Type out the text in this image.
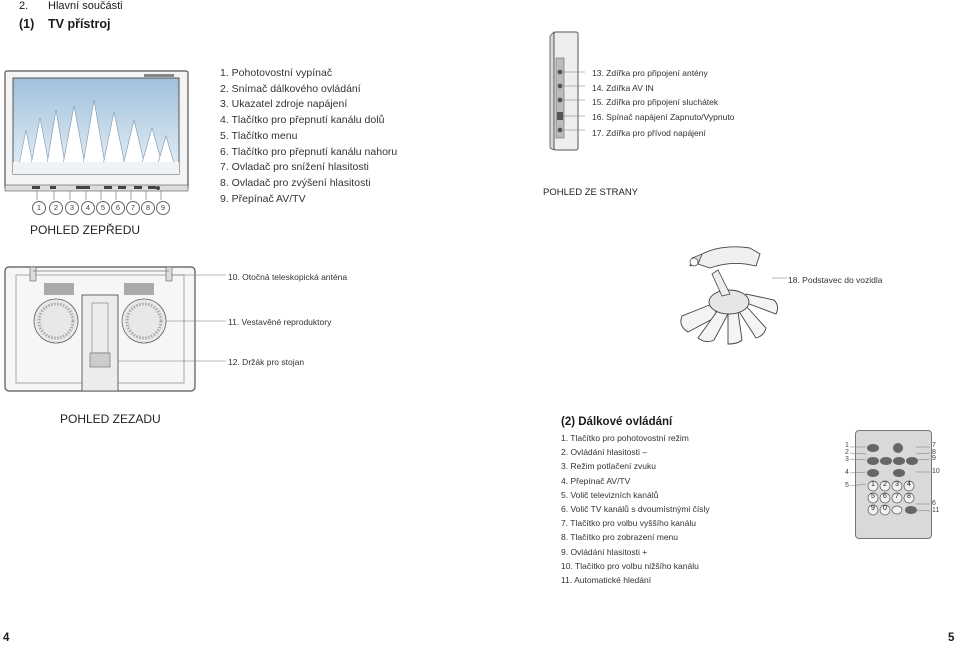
2. Hlavní součásti
(1) TV přístroj
1	2	3	4	5	6	7	8	9
1. Pohotovostní vypínač
2. Snímač dálkového ovládání
3. Ukazatel zdroje napájení
4. Tlačítko pro přepnutí kanálu dolů
5. Tlačítko menu
6. Tlačítko pro přepnutí kanálu nahoru
7. Ovladač pro snížení hlasitosti
8. Ovladač pro zvýšení hlasitosti
9. Přepínač AV/TV
POHLED ZEPŘEDU
13. Zdířka pro připojení antény
14. Zdířka AV IN
15. Zdířka pro připojení sluchátek
16. Spínač napájení Zapnuto/Vypnuto
17. Zdířka pro přívod napájení
POHLED ZE STRANY
10. Otočná teleskopická anténa
11. Vestavěné reproduktory
12. Držák pro stojan
POHLED ZEZADU
18. Podstavec do vozidla
(2) Dálkové ovládání
1. Tlačítko pro pohotovostní režim
2. Ovládání hlasitosti –
3. Režim potlačení zvuku
4. Přepínač AV/TV
5. Volič televizních kanálů
6. Volič TV kanálů s dvoumístnými čísly
7. Tlačítko pro volbu vyššího kanálu
8. Tlačítko pro zobrazení menu
9. Ovládání hlasitosti +
10. Tlačítko pro volbu nižšího kanálu
11. Automatické hledání
1 2 3 4
5 6 7 8
9 0
1
2
3
4
5
7
8
9
10
6
11
4	5
